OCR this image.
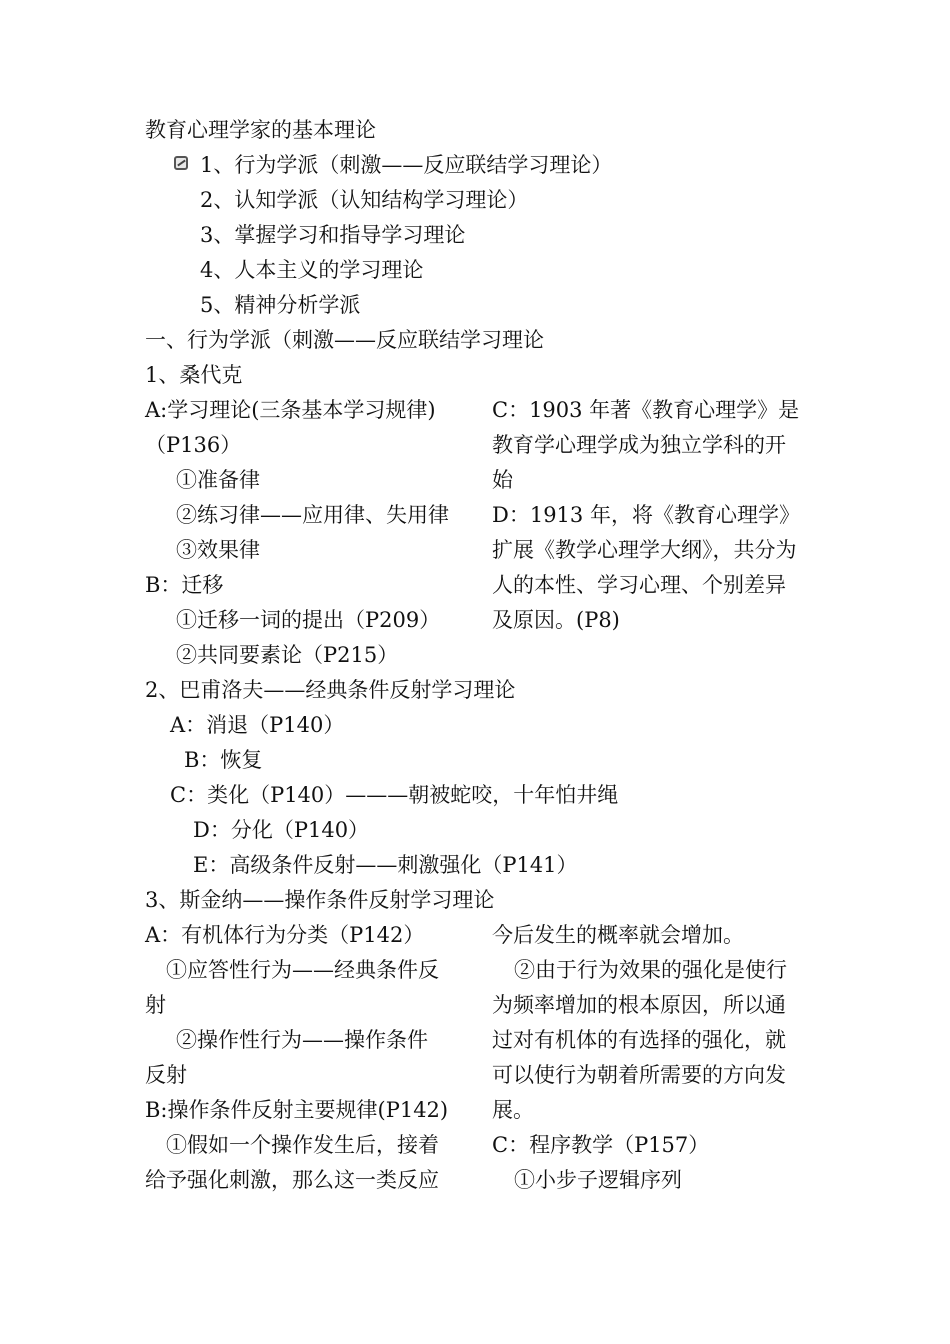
教育心理学家的基本理论
1、行为学派（刺激——反应联结学习理论）
2、认知学派（认知结构学习理论）
3、掌握学习和指导学习理论
4、人本主义的学习理论
5、精神分析学派
一、行为学派（刺激——反应联结学习理论
1、桑代克
A:学习理论(三条基本学习规律)
（P136）
①准备律
②练习律——应用律、失用律
③效果律
B：迁移
①迁移一词的提出（P209）
②共同要素论（P215）
C：1903 年著《教育心理学》是
教育学心理学成为独立学科的开
始
D：1913 年，将《教育心理学》
扩展《教学心理学大纲》，共分为
人的本性、学习心理、个别差异
及原因。(P8)
2、巴甫洛夫——经典条件反射学习理论
A：消退（P140）
B：恢复
C：类化（P140）———朝被蛇咬，十年怕井绳
D：分化（P140）
E：高级条件反射——刺激强化（P141）
3、斯金纳——操作条件反射学习理论
A：有机体行为分类（P142）
①应答性行为——经典条件反
射
②操作性行为——操作条件
反射
B:操作条件反射主要规律(P142)
①假如一个操作发生后，接着
给予强化刺激，那么这一类反应
今后发生的概率就会增加。
②由于行为效果的强化是使行
为频率增加的根本原因，所以通
过对有机体的有选择的强化，就
可以使行为朝着所需要的方向发
展。
C：程序教学（P157）
①小步子逻辑序列
